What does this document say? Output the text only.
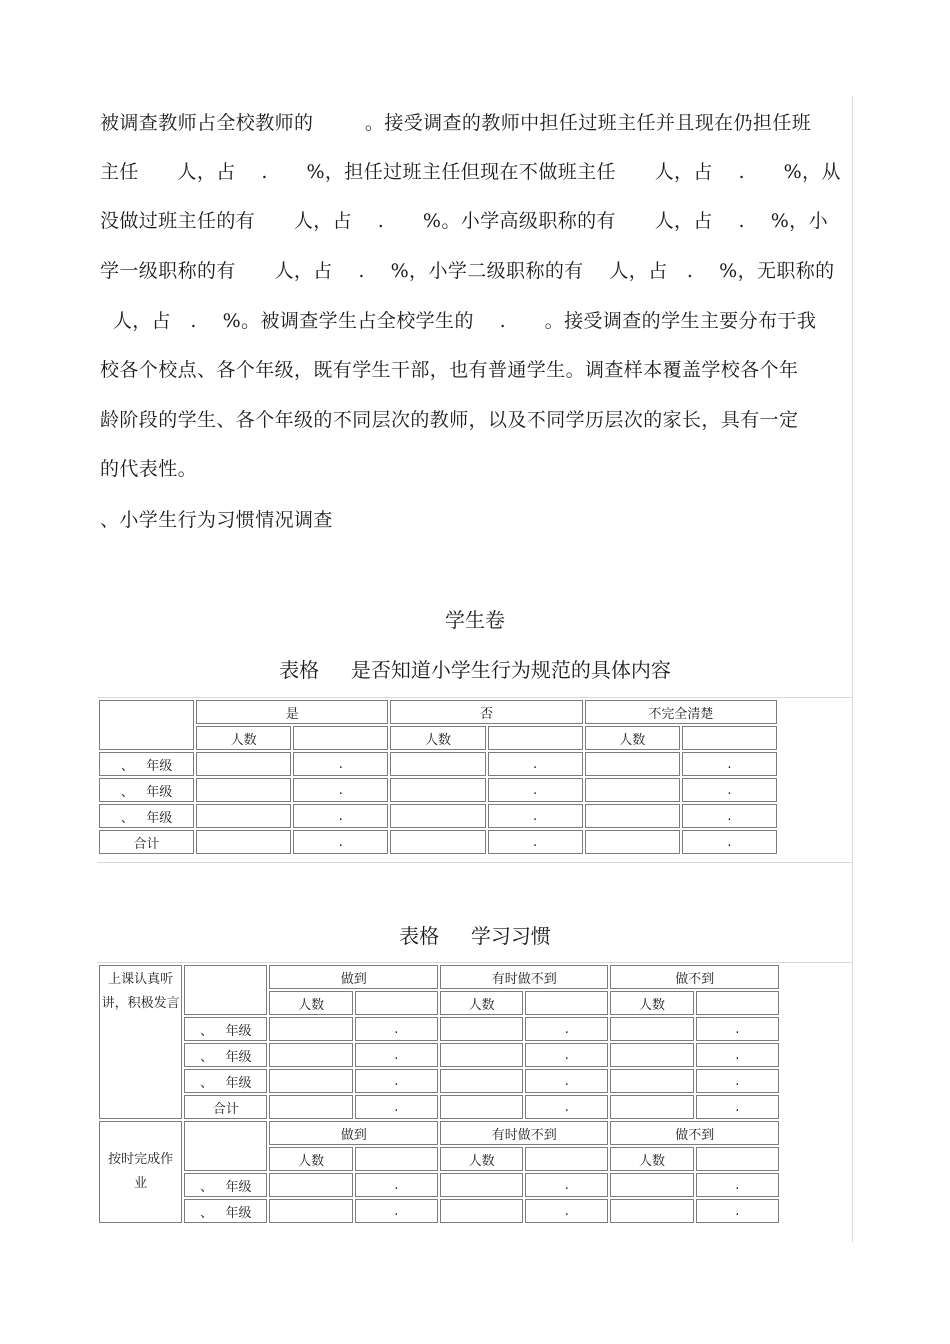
被调查教师占全校教师的        。接受调查的教师中担任过班主任并且现在仍担任班
主任      人，占    .      %，担任过班主任但现在不做班主任      人，占    .      %，从
没做过班主任的有      人，占    .      %。小学高级职称的有      人，占    .    %，小
学一级职称的有      人，占    .    %，小学二级职称的有    人，占   .    %，无职称的
人，占   .    %。被调查学生占全校学生的    .      。接受调查的学生主要分布于我
校各个校点、各个年级，既有学生干部，也有普通学生。调查样本覆盖学校各个年
龄阶段的学生、各个年级的不同层次的教师，以及不同学历层次的家长，具有一定
的代表性。
、小学生行为习惯情况调查
学生卷
表格     是否知道小学生行为规范的具体内容
	是		否		不完全清楚	
	人数		人数		人数	
、   年级		.		.		.
、   年级		.		.		.
、   年级		.		.		.
合计		.		.		.
表格     学习习惯
上课认真听讲，积极发言		做到		有时做不到		做不到	
		人数		人数		人数	
	、   年级		.		.		.
	、   年级		.		.		.
	、   年级		.		.		.
	合计		.		.		.
按时完成作业		做到		有时做不到		做不到	
		人数		人数		人数	
	、   年级		.		.		.
	、   年级		.		.		.
